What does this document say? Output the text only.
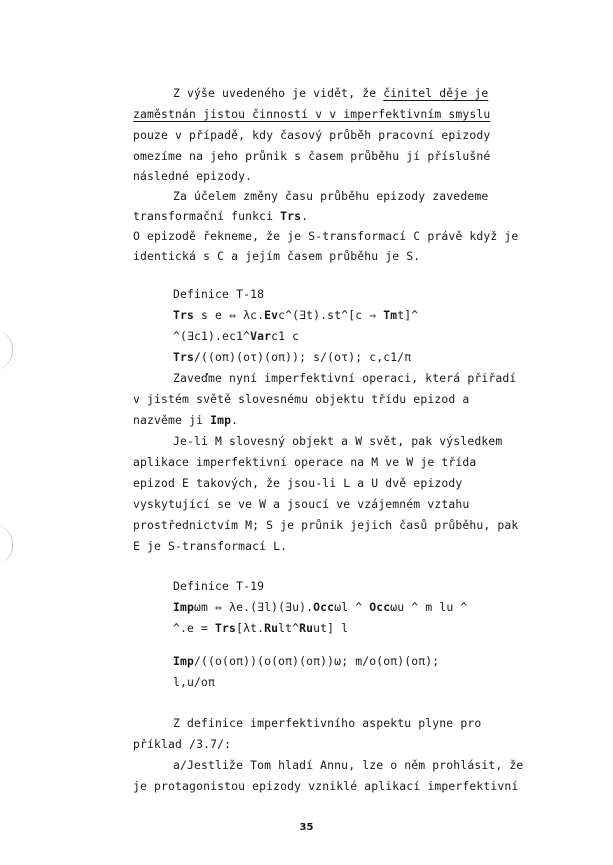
35
Z výše uvedeného je vidět, že činitel děje je
zaměstnán jistou činností v v imperfektivním smyslu
pouze v případě, kdy časový průběh pracovní epizody
omezíme na jeho průnik s časem průběhu jí příslušné
následné epizody.
Za účelem změny času průběhu epizody zavedeme
transformační funkci Trs.
O epizodě řekneme, že je S-transformací C právě když je
identická s C a jejím časem průběhu je S.
Definice T-18
Trs s e ⇔ λc.Evc^(∃t).st^[c ⇒ Tmt]^
^(∃c1).ec1^Varc1 c
Trs/((oπ)(oτ)(oπ)); s/(oτ); c,c1/π
Zaveďme nyní imperfektivní operaci, která přiřadí
v jistém světě slovesnému objektu třídu epizod a
nazvěme ji Imp.
Je-li M slovesný objekt a W svět, pak výsledkem
aplikace imperfektivní operace na M ve W je třída
epizod E takových, že jsou-li L a U dvě epizody
vyskytující se ve W a jsoucí ve vzájemném vztahu
prostřednictvím M; S je průnik jejich časů průběhu, pak
E je S-transformací L.
Definice T-19
Impωm ⇔ λe.(∃l)(∃u).Occωl ^ Occωu ^ m lu ^
^.e = Trs[λt.Rult^Ruut] l
Imp/((o(oπ))(o(oπ)(oπ))ω; m/o(oπ)(oπ);
l,u/oπ
Z definice imperfektivního aspektu plyne pro
příklad /3.7/:
a/Jestliže Tom hladí Annu, lze o něm prohlásit, že
je protagonistou epizody vzniklé aplikací imperfektivní
